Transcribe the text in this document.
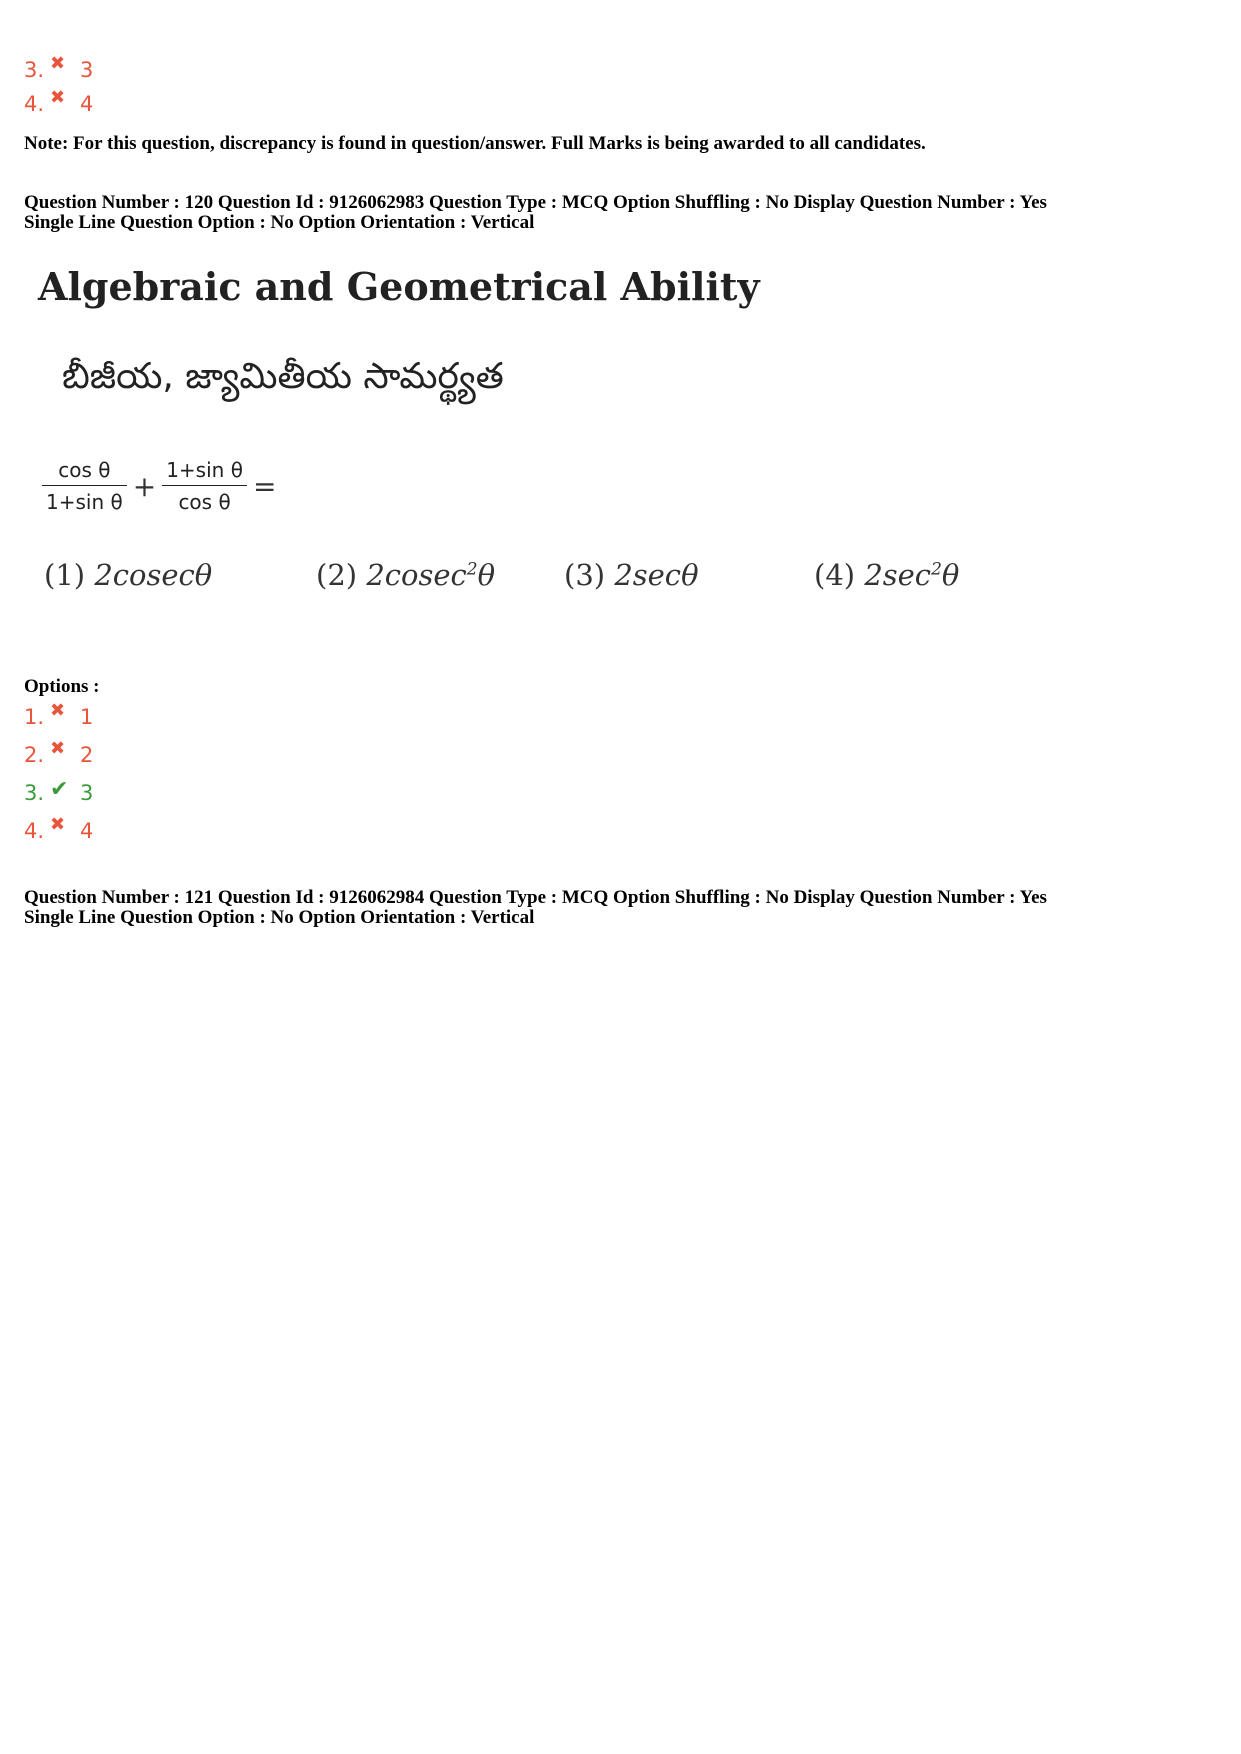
3. ✖ 3
4. ✖ 4
Note: For this question, discrepancy is found in question/answer. Full Marks is being awarded to all candidates.
Question Number : 120 Question Id : 9126062983 Question Type : MCQ Option Shuffling : No Display Question Number : Yes
Single Line Question Option : No Option Orientation : Vertical
Algebraic and Geometrical Ability
బీజీయ, జ్యామితీయ సామర్థ్యత
$\frac{\text{cos θ}}{\text{1+sin θ}} + \frac{\text{1+sin θ}}{\text{cos θ}}$ =
(1) 2cosecθ	(2) 2cosec$^2$θ (3) 2secθ	(4) $2\sec^2\theta$
Options :
1. ✖ 1
2. ✖ 2
3. ✔ 3
4. ✖ 4
Question Number : 121 Question Id : 9126062984 Question Type : MCQ Option Shuffling : No Display Question Number : Yes
Single Line Question Option : No Option Orientation : Vertical
